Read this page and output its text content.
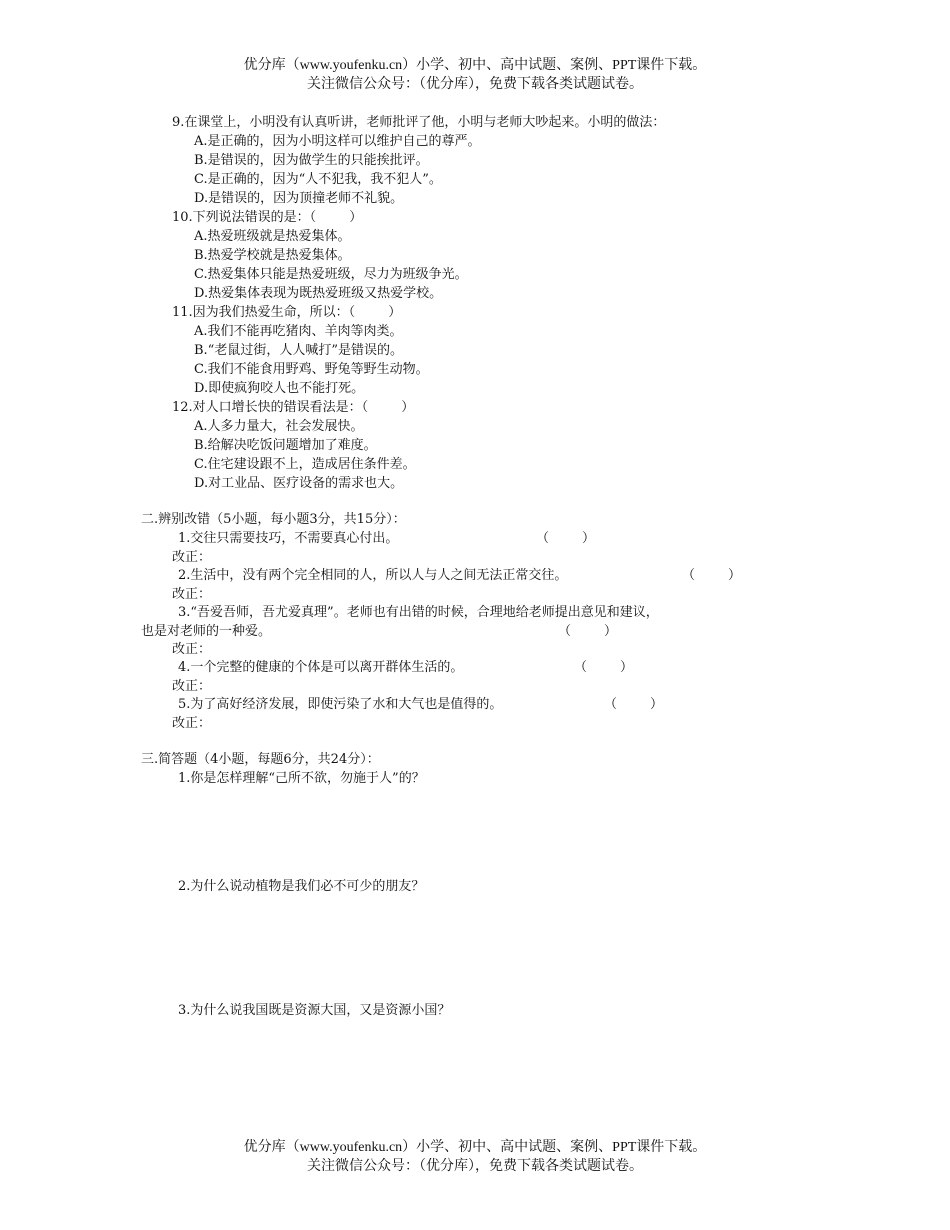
优分库（www.youfenku.cn）小学、初中、高中试题、案例、PPT课件下载。
关注微信公众号：（优分库），免费下载各类试题试卷。
9.在课堂上，小明没有认真听讲，老师批评了他，小明与老师大吵起来。小明的做法：
A.是正确的，因为小明这样可以维护自己的尊严。
B.是错误的，因为做学生的只能挨批评。
C.是正确的，因为“人不犯我，我不犯人”。
D.是错误的，因为顶撞老师不礼貌。
10.下列说法错误的是：（        ）
A.热爱班级就是热爱集体。
B.热爱学校就是热爱集体。
C.热爱集体只能是热爱班级，尽力为班级争光。
D.热爱集体表现为既热爱班级又热爱学校。
11.因为我们热爱生命，所以：（        ）
A.我们不能再吃猪肉、羊肉等肉类。
B.“老鼠过街，人人喊打”是错误的。
C.我们不能食用野鸡、野兔等野生动物。
D.即使疯狗咬人也不能打死。
12.对人口增长快的错误看法是：（        ）
A.人多力量大，社会发展快。
B.给解决吃饭问题增加了难度。
C.住宅建设跟不上，造成居住条件差。
D.对工业品、医疗设备的需求也大。
二.辨别改错（5小题，每小题3分，共15分）：
1.交往只需要技巧，不需要真心付出。	（        ）
改正：
2.生活中，没有两个完全相同的人，所以人与人之间无法正常交往。	（        ）
改正：
3.“吾爱吾师，吾尤爱真理”。老师也有出错的时候，合理地给老师提出意见和建议，
也是对老师的一种爱。	（        ）
改正：
4.一个完整的健康的个体是可以离开群体生活的。	（        ）
改正：
5.为了高好经济发展，即使污染了水和大气也是值得的。	（        ）
改正：
三.简答题（4小题，每题6分，共24分）：
1.你是怎样理解“己所不欲，勿施于人”的？
2.为什么说动植物是我们必不可少的朋友？
3.为什么说我国既是资源大国，又是资源小国？
优分库（www.youfenku.cn）小学、初中、高中试题、案例、PPT课件下载。
关注微信公众号：（优分库），免费下载各类试题试卷。
